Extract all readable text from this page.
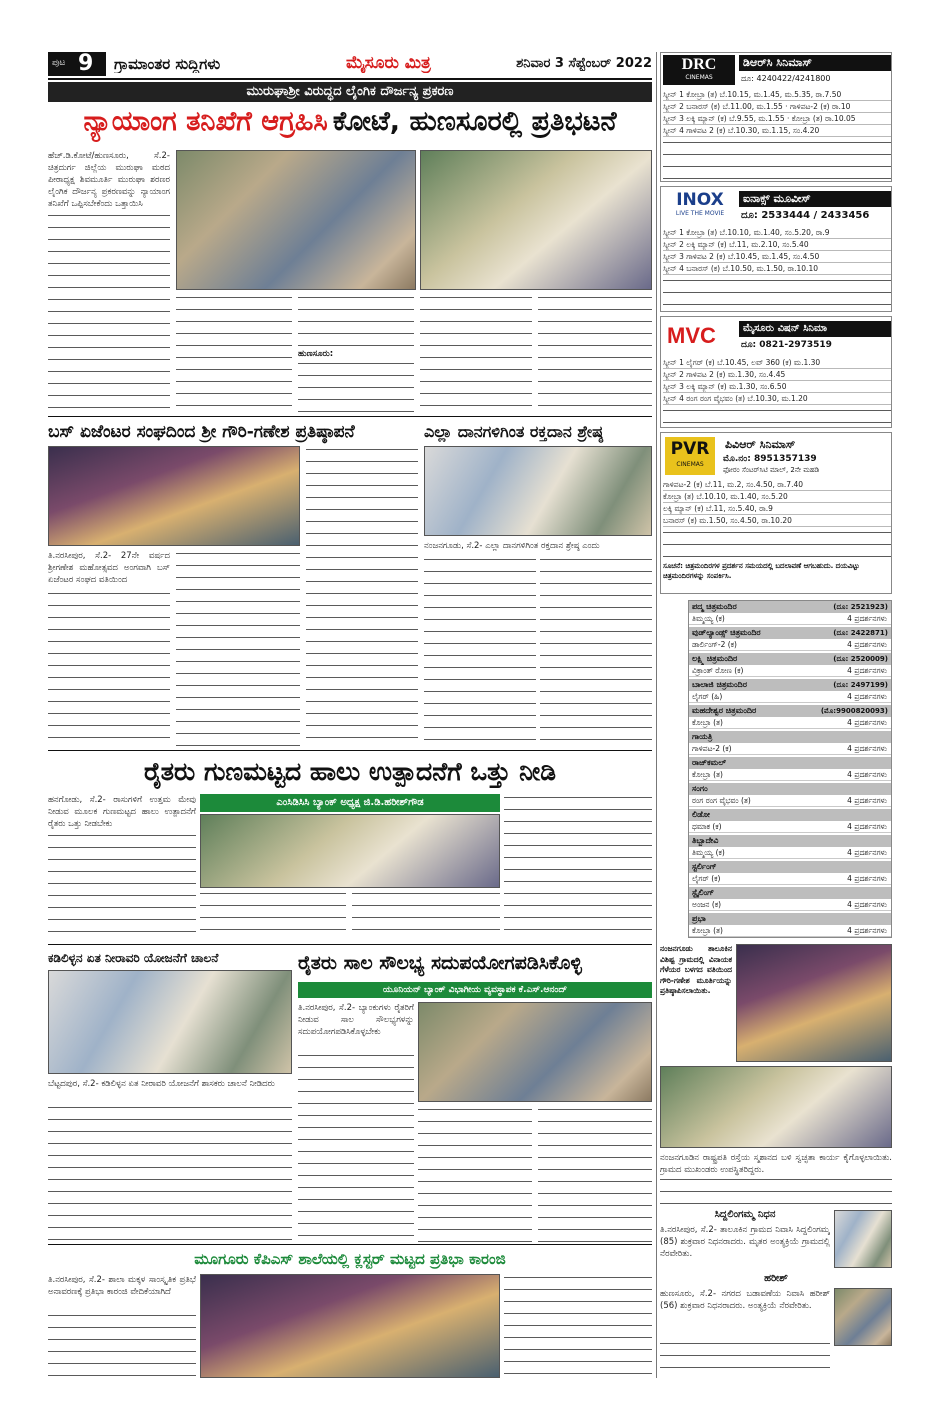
ಪುಟ 9 ಗ್ರಾಮಾಂತರ ಸುದ್ದಿಗಳು	ಮೈಸೂರು ಮಿತ್ರ	ಶನಿವಾರ 3 ಸೆಪ್ಟೆಂಬರ್ 2022
ಮುರುಘಾಶ್ರೀ ವಿರುದ್ಧದ ಲೈಂಗಿಕ ದೌರ್ಜನ್ಯ ಪ್ರಕರಣ
ನ್ಯಾಯಾಂಗ ತನಿಖೆಗೆ ಆಗ್ರಹಿಸಿ ಕೋಟೆ, ಹುಣಸೂರಲ್ಲಿ ಪ್ರತಿಭಟನೆ
ಹೆಚ್.ಡಿ.ಕೋಟೆ/ಹುಣಸೂರು, ಸೆ.2- ಚಿತ್ರದುರ್ಗ ಜಿಲ್ಲೆಯ ಮುರುಘಾ ಮಠದ ಪೀಠಾಧ್ಯಕ್ಷ ಶಿವಮೂರ್ತಿ ಮುರುಘಾ ಶರಣರ ಲೈಂಗಿಕ ದೌರ್ಜನ್ಯ ಪ್ರಕರಣವನ್ನು ನ್ಯಾಯಾಂಗ ತನಿಖೆಗೆ ಒಪ್ಪಿಸಬೇಕೆಂದು ಒತ್ತಾಯಿಸಿ
ಹುಣಸೂರು:
ಬಸ್ ಏಜೆಂಟರ ಸಂಘದಿಂದ ಶ್ರೀ ಗೌರಿ-ಗಣೇಶ ಪ್ರತಿಷ್ಠಾಪನೆ
ತಿ.ನರಸೀಪುರ, ಸೆ.2- 27ನೇ ವರ್ಷದ ಶ್ರೀಗಣೇಶ ಮಹೋತ್ಸವದ ಅಂಗವಾಗಿ ಬಸ್ ಏಜೆಂಟರ ಸಂಘದ ವತಿಯಿಂದ
ಎಲ್ಲಾ ದಾನಗಳಿಗಿಂತ ರಕ್ತದಾನ ಶ್ರೇಷ್ಠ
ನಂಜನಗೂಡು, ಸೆ.2- ಎಲ್ಲಾ ದಾನಗಳಿಗಿಂತ ರಕ್ತದಾನ ಶ್ರೇಷ್ಠ ಎಂದು
ರೈತರು ಗುಣಮಟ್ಟದ ಹಾಲು ಉತ್ಪಾದನೆಗೆ ಒತ್ತು ನೀಡಿ
ಎಂಸಿಡಿಸಿಸಿ ಬ್ಯಾಂಕ್ ಅಧ್ಯಕ್ಷ ಜಿ.ಡಿ.ಹರೀಶ್‌ಗೌಡ
ಹನಗೋಡು, ಸೆ.2- ರಾಸುಗಳಿಗೆ ಉತ್ತಮ ಮೇವು ನೀಡುವ ಮೂಲಕ ಗುಣಮಟ್ಟದ ಹಾಲು ಉತ್ಪಾದನೆಗೆ ರೈತರು ಒತ್ತು ನೀಡಬೇಕು
ಕಡಿಲಿಳ್ಳನ ಏತ ನೀರಾವರಿ ಯೋಜನೆಗೆ ಚಾಲನೆ
ಬೆಟ್ಟದಪುರ, ಸೆ.2- ಕಡಿಲಿಳ್ಳನ ಏತ ನೀರಾವರಿ ಯೋಜನೆಗೆ ಶಾಸಕರು ಚಾಲನೆ ನೀಡಿದರು
ರೈತರು ಸಾಲ ಸೌಲಭ್ಯ ಸದುಪಯೋಗಪಡಿಸಿಕೊಳ್ಳಿ
ಯೂನಿಯನ್ ಬ್ಯಾಂಕ್ ವಿಭಾಗೀಯ ವ್ಯವಸ್ಥಾಪಕ ಕೆ.ಎಸ್.ಆನಂದ್
ತಿ.ನರಸೀಪುರ, ಸೆ.2- ಬ್ಯಾಂಕುಗಳು ರೈತರಿಗೆ ನೀಡುವ ಸಾಲ ಸೌಲಭ್ಯಗಳನ್ನು ಸದುಪಯೋಗಪಡಿಸಿಕೊಳ್ಳಬೇಕು
ಮೂಗೂರು ಕೆಪಿಎಸ್ ಶಾಲೆಯಲ್ಲಿ ಕ್ಲಸ್ಟರ್ ಮಟ್ಟದ ಪ್ರತಿಭಾ ಕಾರಂಜಿ
ತಿ.ನರಸೀಪುರ, ಸೆ.2- ಶಾಲಾ ಮಕ್ಕಳ ಸಾಂಸ್ಕೃತಿಕ ಪ್ರತಿಭೆ ಅನಾವರಣಕ್ಕೆ ಪ್ರತಿಭಾ ಕಾರಂಜಿ ವೇದಿಕೆಯಾಗಿದೆ
DRC
CINEMAS
ಡಿಆರ್‌ಸಿ ಸಿನಿಮಾಸ್
ದೂ: 4240422/4241800
ಸ್ಕ್ರೀನ್ 1 ಕೋಬ್ರಾ (ತ) ಬೆ.10.15, ಮ.1.45, ಮ.5.35, ರಾ.7.50
ಸ್ಕ್ರೀನ್ 2 ಬನಾರಸ್ (ಕ) ಬೆ.11.00, ಮ.1.55 · ಗಾಳಿಪಟ-2 (ಕ) ರಾ.10
ಸ್ಕ್ರೀನ್ 3 ಲಕ್ಕಿ ಮ್ಯಾನ್ (ಕ) ಬೆ.9.55, ಮ.1.55 · ಕೋಬ್ರಾ (ತ) ರಾ.10.05
ಸ್ಕ್ರೀನ್ 4 ಗಾಳಿಪಟ 2 (ಕ) ಬೆ.10.30, ಮ.1.15, ಸಂ.4.20
INOX
LIVE THE MOVIE
ಐನಾಕ್ಸ್ ಮೂವೀಸ್
ದೂ: 2533444 / 2433456
ಸ್ಕ್ರೀನ್ 1 ಕೋಬ್ರಾ (ತ) ಬೆ.10.10, ಮ.1.40, ಸಂ.5.20, ರಾ.9
ಸ್ಕ್ರೀನ್ 2 ಲಕ್ಕಿ ಮ್ಯಾನ್ (ಕ) ಬೆ.11, ಮ.2.10, ಸಂ.5.40
ಸ್ಕ್ರೀನ್ 3 ಗಾಳಿಪಟ 2 (ಕ) ಬೆ.10.45, ಮ.1.45, ಸಂ.4.50
ಸ್ಕ್ರೀನ್ 4 ಬನಾರಸ್ (ಕ) ಬೆ.10.50, ಮ.1.50, ರಾ.10.10
MVC	ಮೈಸೂರು ವಿಷನ್ ಸಿನಿಮಾ
ದೂ: 0821-2973519
ಸ್ಕ್ರೀನ್ 1 ಲೈಗರ್ (ಕ) ಬೆ.10.45, ಲವ್ 360 (ಕ) ಮ.1.30
ಸ್ಕ್ರೀನ್ 2 ಗಾಳಿಪಟ 2 (ಕ) ಮ.1.30, ಸಂ.4.45
ಸ್ಕ್ರೀನ್ 3 ಲಕ್ಕಿ ಮ್ಯಾನ್ (ಕ) ಮ.1.30, ಸಂ.6.50
ಸ್ಕ್ರೀನ್ 4 ರಂಗ ರಂಗ ವೈಭವಂ (ತ) ಬೆ.10.30, ಮ.1.20
PVR
CINEMAS
ಪಿವಿಆರ್ ಸಿನಿಮಾಸ್
ಮೊ.ನಂ: 8951357139
ಫೋರಂ ಸೆಂಟರ್‌ಸಿಟಿ ಮಾಲ್, 2ನೇ ಮಹಡಿ
ಗಾಳಿಪಟ-2 (ಕ) ಬೆ.11, ಮ.2, ಸಂ.4.50, ರಾ.7.40
ಕೋಬ್ರಾ (ತ) ಬೆ.10.10, ಮ.1.40, ಸಂ.5.20
ಲಕ್ಕಿ ಮ್ಯಾನ್ (ಕ) ಬೆ.11, ಸಂ.5.40, ರಾ.9
ಬನಾರಸ್ (ಕ) ಮ.1.50, ಸಂ.4.50, ರಾ.10.20
ಸೂಚನೆ: ಚಿತ್ರಮಂದಿರಗಳ ಪ್ರದರ್ಶನ ಸಮಯದಲ್ಲಿ ಬದಲಾವಣೆ ಆಗಬಹುದು. ದಯವಿಟ್ಟು ಚಿತ್ರಮಂದಿರಗಳನ್ನು ಸಂಪರ್ಕಿಸಿ.
ಪದ್ಮ ಚಿತ್ರಮಂದಿರ	(ದೂ: 2521923)
ತಿಮ್ಮಯ್ಯ (ಕ)	4 ಪ್ರದರ್ಶನಗಳು
ವುಡ್‌ಲ್ಯಾಂಡ್ಸ್ ಚಿತ್ರಮಂದಿರ	(ದೂ: 2422871)
ಡಾರ್ಲಿಂಗ್‌-2 (ಕ)	4 ಪ್ರದರ್ಶನಗಳು
ಲಕ್ಷ್ಮಿ ಚಿತ್ರಮಂದಿರ	(ದೂ: 2520009)
ವಿಕ್ರಾಂತ್ ರೋಣ (ಕ)	4 ಪ್ರದರ್ಶನಗಳು
ಬಾಲಾಜಿ ಚಿತ್ರಮಂದಿರ	(ದೂ: 2497199)
ಲೈಗರ್ (ಹಿ)	4 ಪ್ರದರ್ಶನಗಳು
ಮಹದೇಶ್ವರ ಚಿತ್ರಮಂದಿರ	(ಮೊ:9900820093)
ಕೋಬ್ರಾ (ತ)	4 ಪ್ರದರ್ಶನಗಳು
ಗಾಯತ್ರಿ
ಗಾಳಿಪಟ-2 (ಕ)	4 ಪ್ರದರ್ಶನಗಳು
ರಾಜ್‌ಕಮಲ್
ಕೋಬ್ರಾ (ತ)	4 ಪ್ರದರ್ಶನಗಳು
ಸಂಗಂ
ರಂಗ ರಂಗ ವೈಭವಂ (ತ)	4 ಪ್ರದರ್ಶನಗಳು
ಲಿಡೋ
ಧಮಾಕ (ಕ)	4 ಪ್ರದರ್ಶನಗಳು
ತಿಬ್ಬಾದೇವಿ
ತಿಮ್ಮಯ್ಯ (ಕ)	4 ಪ್ರದರ್ಶನಗಳು
ಸ್ಟರ್ಲಿಂಗ್
ಲೈಗರ್ (ಕ)	4 ಪ್ರದರ್ಶನಗಳು
ಸ್ಟೈಲಿಂಗ್
ಅಂಜನ (ಕ)	4 ಪ್ರದರ್ಶನಗಳು
ಪ್ರಭಾ
ಕೋಬ್ರಾ (ತ)	4 ಪ್ರದರ್ಶನಗಳು
ನಂಜನಗೂಡು ತಾಲೂಕಿನ ವಿಶಿಷ್ಟ ಗ್ರಾಮದಲ್ಲಿ ವಿನಾಯಕ ಗೆಳೆಯರ ಬಳಗದ ವತಿಯಿಂದ ಗೌರಿ-ಗಣೇಶ ಮೂರ್ತಿಯನ್ನು ಪ್ರತಿಷ್ಠಾಪಿಸಲಾಯಿತು.
ನಂಜನಗೂಡಿನ ರಾಷ್ಟ್ರಪತಿ ರಸ್ತೆಯ ಸ್ಮಶಾನದ ಬಳಿ ಸ್ವಚ್ಛತಾ ಕಾರ್ಯ ಕೈಗೊಳ್ಳಲಾಯಿತು. ಗ್ರಾಮದ ಮುಖಂಡರು ಉಪಸ್ಥಿತರಿದ್ದರು.
ಸಿದ್ದಲಿಂಗಮ್ಮ ನಿಧನ
ತಿ.ನರಸೀಪುರ, ಸೆ.2- ತಾಲೂಕಿನ ಗ್ರಾಮದ ನಿವಾಸಿ ಸಿದ್ದಲಿಂಗಮ್ಮ (85) ಶುಕ್ರವಾರ ನಿಧನರಾದರು. ಮೃತರ ಅಂತ್ಯಕ್ರಿಯೆ ಗ್ರಾಮದಲ್ಲಿ ನೆರವೇರಿತು.
ಹರೀಶ್
ಹುಣಸೂರು, ಸೆ.2- ನಗರದ ಬಡಾವಣೆಯ ನಿವಾಸಿ ಹರೀಶ್ (56) ಶುಕ್ರವಾರ ನಿಧನರಾದರು. ಅಂತ್ಯಕ್ರಿಯೆ ನೆರವೇರಿತು.
